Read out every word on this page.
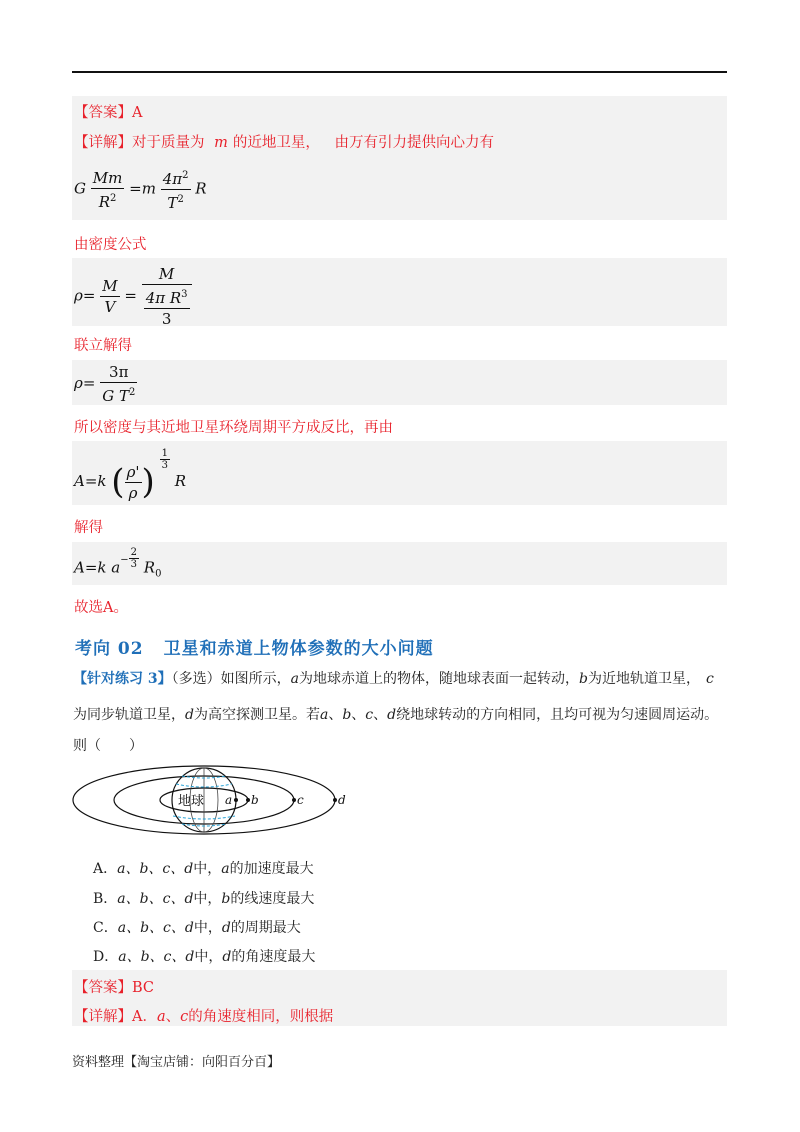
【答案】A
【详解】对于质量为 m 的近地卫星， 由万有引力提供向心力有
G $\frac{Mm}{R^2} =m \frac{4\pi^2}{T^2}$ R
由密度公式
$\rho= \frac{M}{V} = \frac{M}{\frac{4\pi R^3}{3}}$
联立解得
$\rho= \frac{3\pi}{G T^2}$
所以密度与其近地卫星环绕周期平方成反比，再由
A=k ( $\frac{\rho'}{\rho}$ )
$\frac{1}{3}$
R
解得
A=k $a- \frac{2}{3} R_0$
故选A。
考向 02 卫星和赤道上物体参数的大小问题
【针对练习 3】（多选）如图所示，a为地球赤道上的物体，随地球表面一起转动，b为近地轨道卫星， c
为同步轨道卫星，d为高空探测卫星。若a、b、c、d绕地球转动的方向相同，且均可视为匀速圆周运动。
则（　　）
地球 a b	c	d
A．a、b、c、d中，a的加速度最大
B．a、b、c、d中，b的线速度最大
C．a、b、c、d中，d的周期最大
D．a、b、c、d中，d的角速度最大
【答案】BC
【详解】A．a、c的角速度相同，则根据
资料整理【淘宝店铺：向阳百分百】
